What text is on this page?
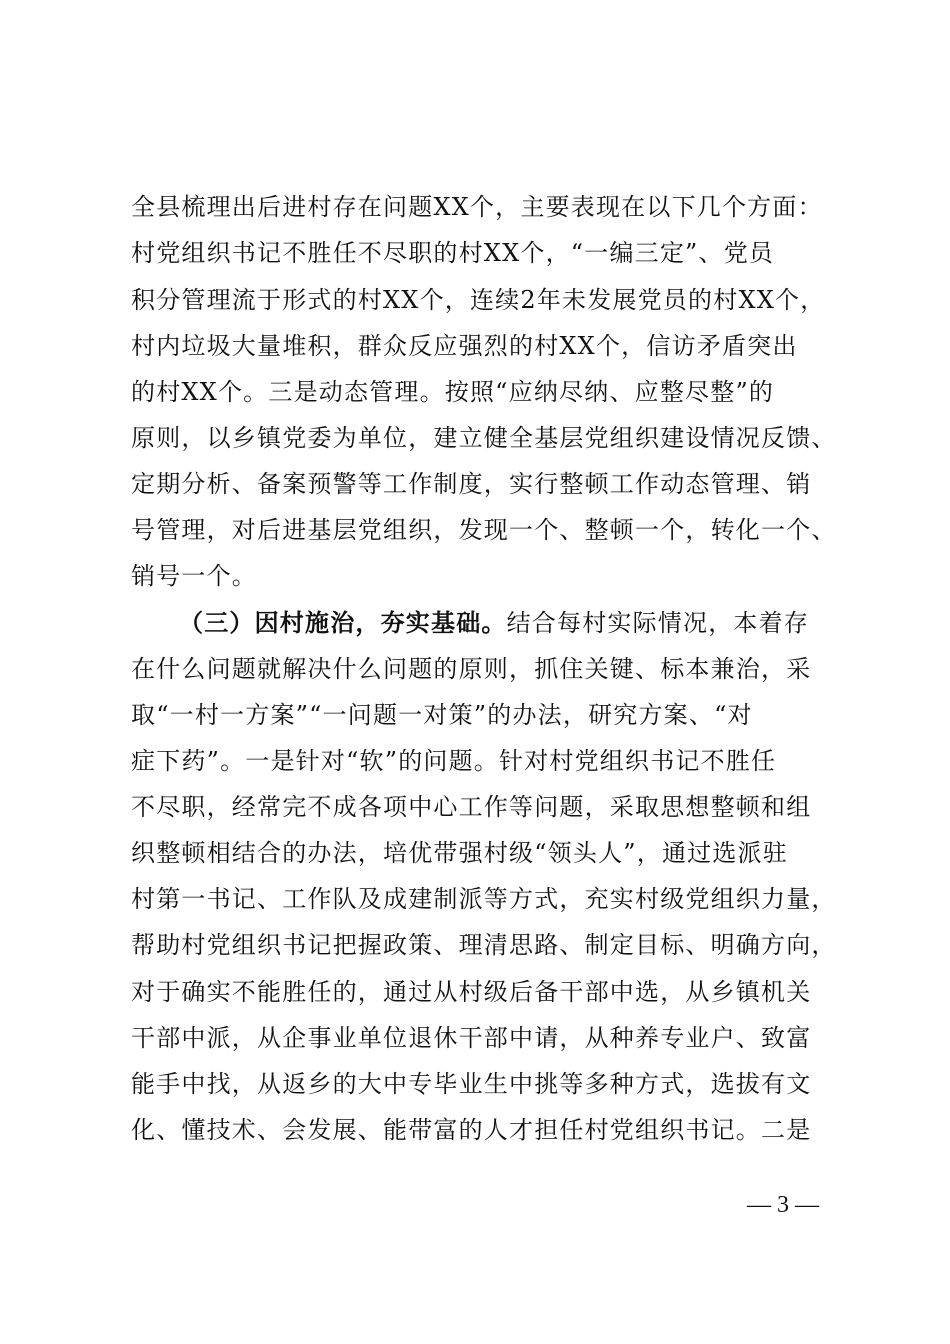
全县梳理出后进村存在问题XX个，主要表现在以下几个方面：
村党组织书记不胜任不尽职的村XX个，“一编三定”、党员
积分管理流于形式的村XX个，连续2年未发展党员的村XX个，
村内垃圾大量堆积，群众反应强烈的村XX个，信访矛盾突出
的村XX个。三是动态管理。按照“应纳尽纳、应整尽整”的
原则，以乡镇党委为单位，建立健全基层党组织建设情况反馈、
定期分析、备案预警等工作制度，实行整顿工作动态管理、销
号管理，对后进基层党组织，发现一个、整顿一个，转化一个、
销号一个。
（三）因村施治，夯实基础。结合每村实际情况，本着存
在什么问题就解决什么问题的原则，抓住关键、标本兼治，采
取“一村一方案”“一问题一对策”的办法，研究方案、“对
症下药”。一是针对“软”的问题。针对村党组织书记不胜任
不尽职，经常完不成各项中心工作等问题，采取思想整顿和组
织整顿相结合的办法，培优带强村级“领头人”，通过选派驻
村第一书记、工作队及成建制派等方式，充实村级党组织力量，
帮助村党组织书记把握政策、理清思路、制定目标、明确方向，
对于确实不能胜任的，通过从村级后备干部中选，从乡镇机关
干部中派，从企事业单位退休干部中请，从种养专业户、致富
能手中找，从返乡的大中专毕业生中挑等多种方式，选拔有文
化、懂技术、会发展、能带富的人才担任村党组织书记。二是
— 3 —
